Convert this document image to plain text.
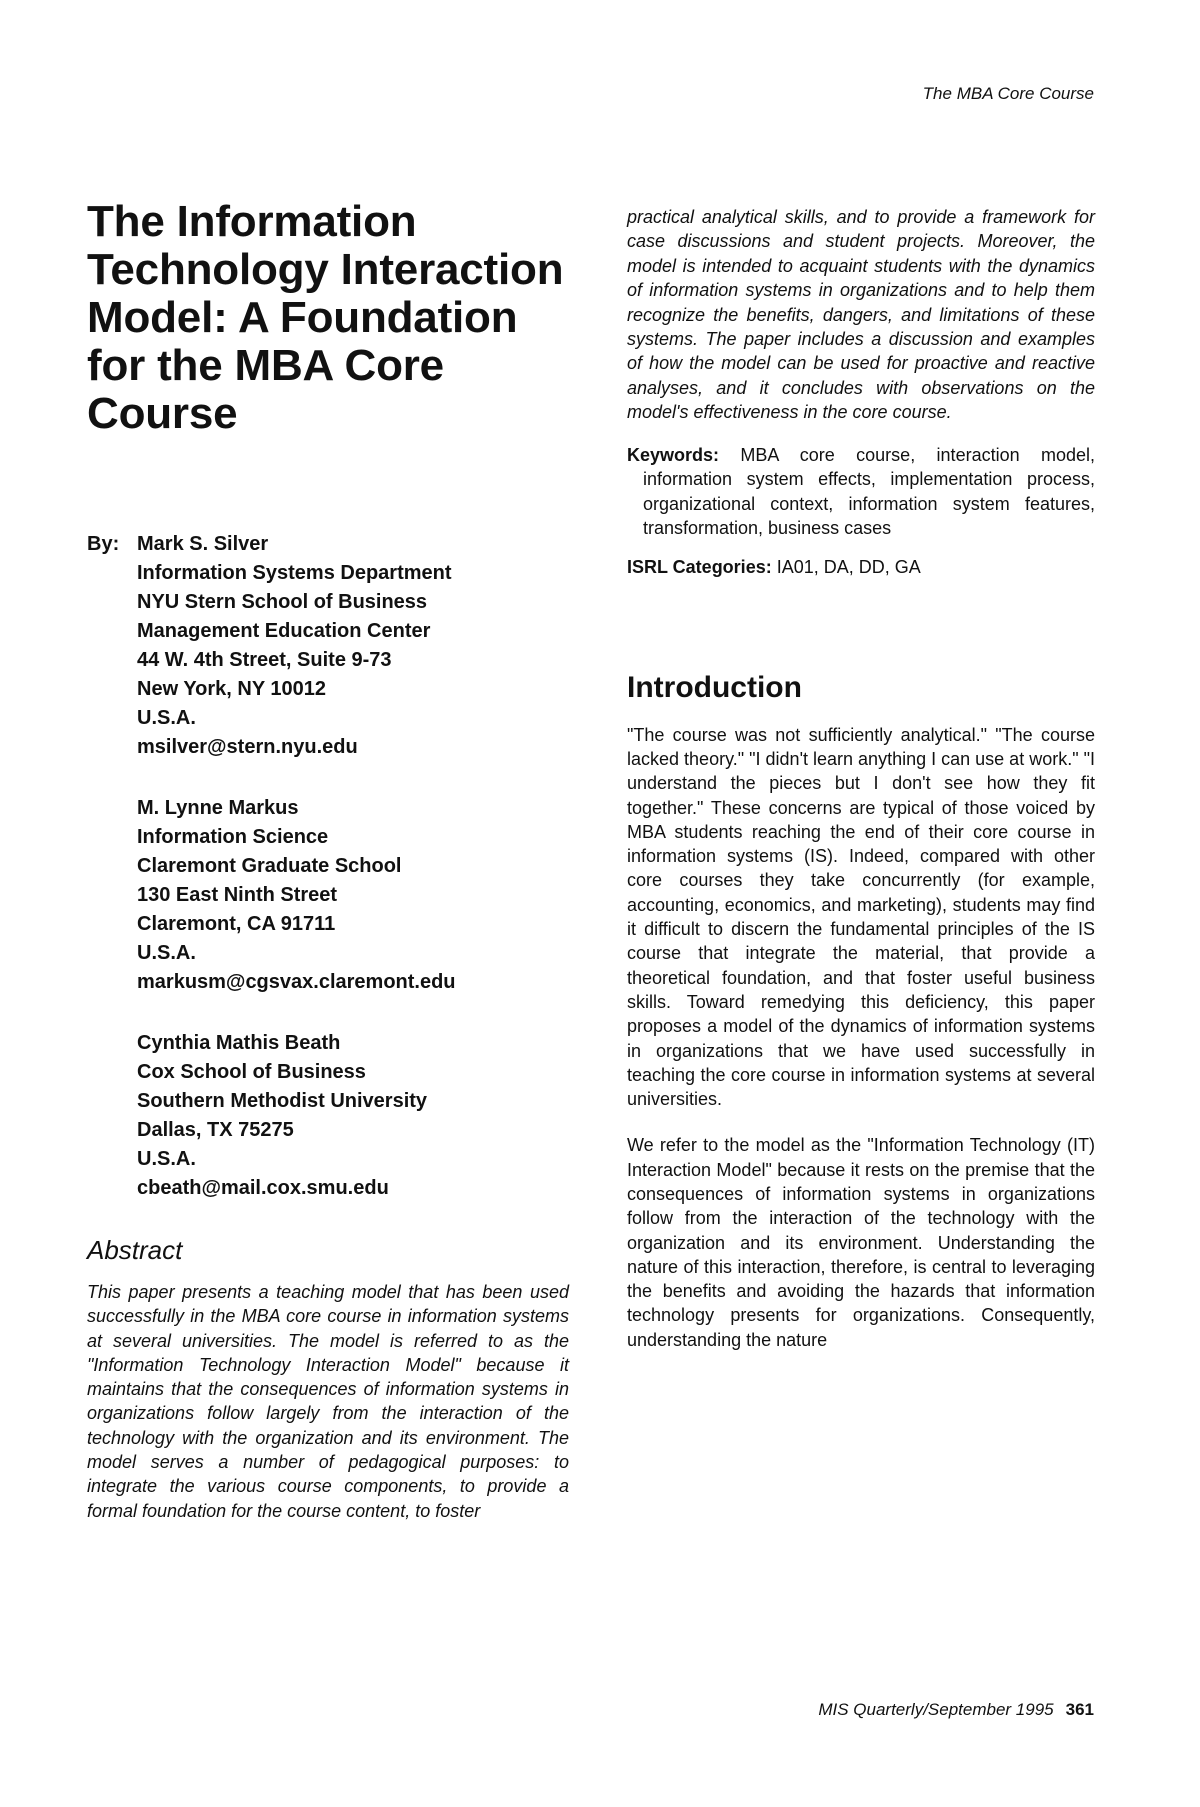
The MBA Core Course
The Information Technology Interaction Model: A Foundation for the MBA Core Course
By: Mark S. Silver
Information Systems Department
NYU Stern School of Business
Management Education Center
44 W. 4th Street, Suite 9-73
New York, NY 10012
U.S.A.
msilver@stern.nyu.edu
M. Lynne Markus
Information Science
Claremont Graduate School
130 East Ninth Street
Claremont, CA 91711
U.S.A.
markusm@cgsvax.claremont.edu
Cynthia Mathis Beath
Cox School of Business
Southern Methodist University
Dallas, TX 75275
U.S.A.
cbeath@mail.cox.smu.edu
Abstract

This paper presents a teaching model that has been used successfully in the MBA core course in information systems at several universities. The model is referred to as the "Information Technology Interaction Model" because it maintains that the consequences of information systems in organizations follow largely from the interaction of the technology with the organization and its environment. The model serves a number of pedagogical purposes: to integrate the various course components, to provide a formal foundation for the course content, to foster

practical analytical skills, and to provide a framework for case discussions and student projects. Moreover, the model is intended to acquaint students with the dynamics of information systems in organizations and to help them recognize the benefits, dangers, and limitations of these systems. The paper includes a discussion and examples of how the model can be used for proactive and reactive analyses, and it concludes with observations on the model's effectiveness in the core course.

Keywords: MBA core course, interaction model, information system effects, implementation process, organizational context, information system features, transformation, business cases
ISRL Categories: IA01, DA, DD, GA
Introduction

"The course was not sufficiently analytical." "The course lacked theory." "I didn't learn anything I can use at work." "I understand the pieces but I don't see how they fit together." These concerns are typical of those voiced by MBA students reaching the end of their core course in information systems (IS). Indeed, compared with other core courses they take concurrently (for example, accounting, economics, and marketing), students may find it difficult to discern the fundamental principles of the IS course that integrate the material, that provide a theoretical foundation, and that foster useful business skills. Toward remedying this deficiency, this paper proposes a model of the dynamics of information systems in organizations that we have used successfully in teaching the core course in information systems at several universities.

We refer to the model as the "Information Technology (IT) Interaction Model" because it rests on the premise that the consequences of information systems in organizations follow from the interaction of the technology with the organization and its environment. Understanding the nature of this interaction, therefore, is central to leveraging the benefits and avoiding the hazards that information technology presents for organizations. Consequently, understanding the nature

MIS Quarterly/September 1995 361
